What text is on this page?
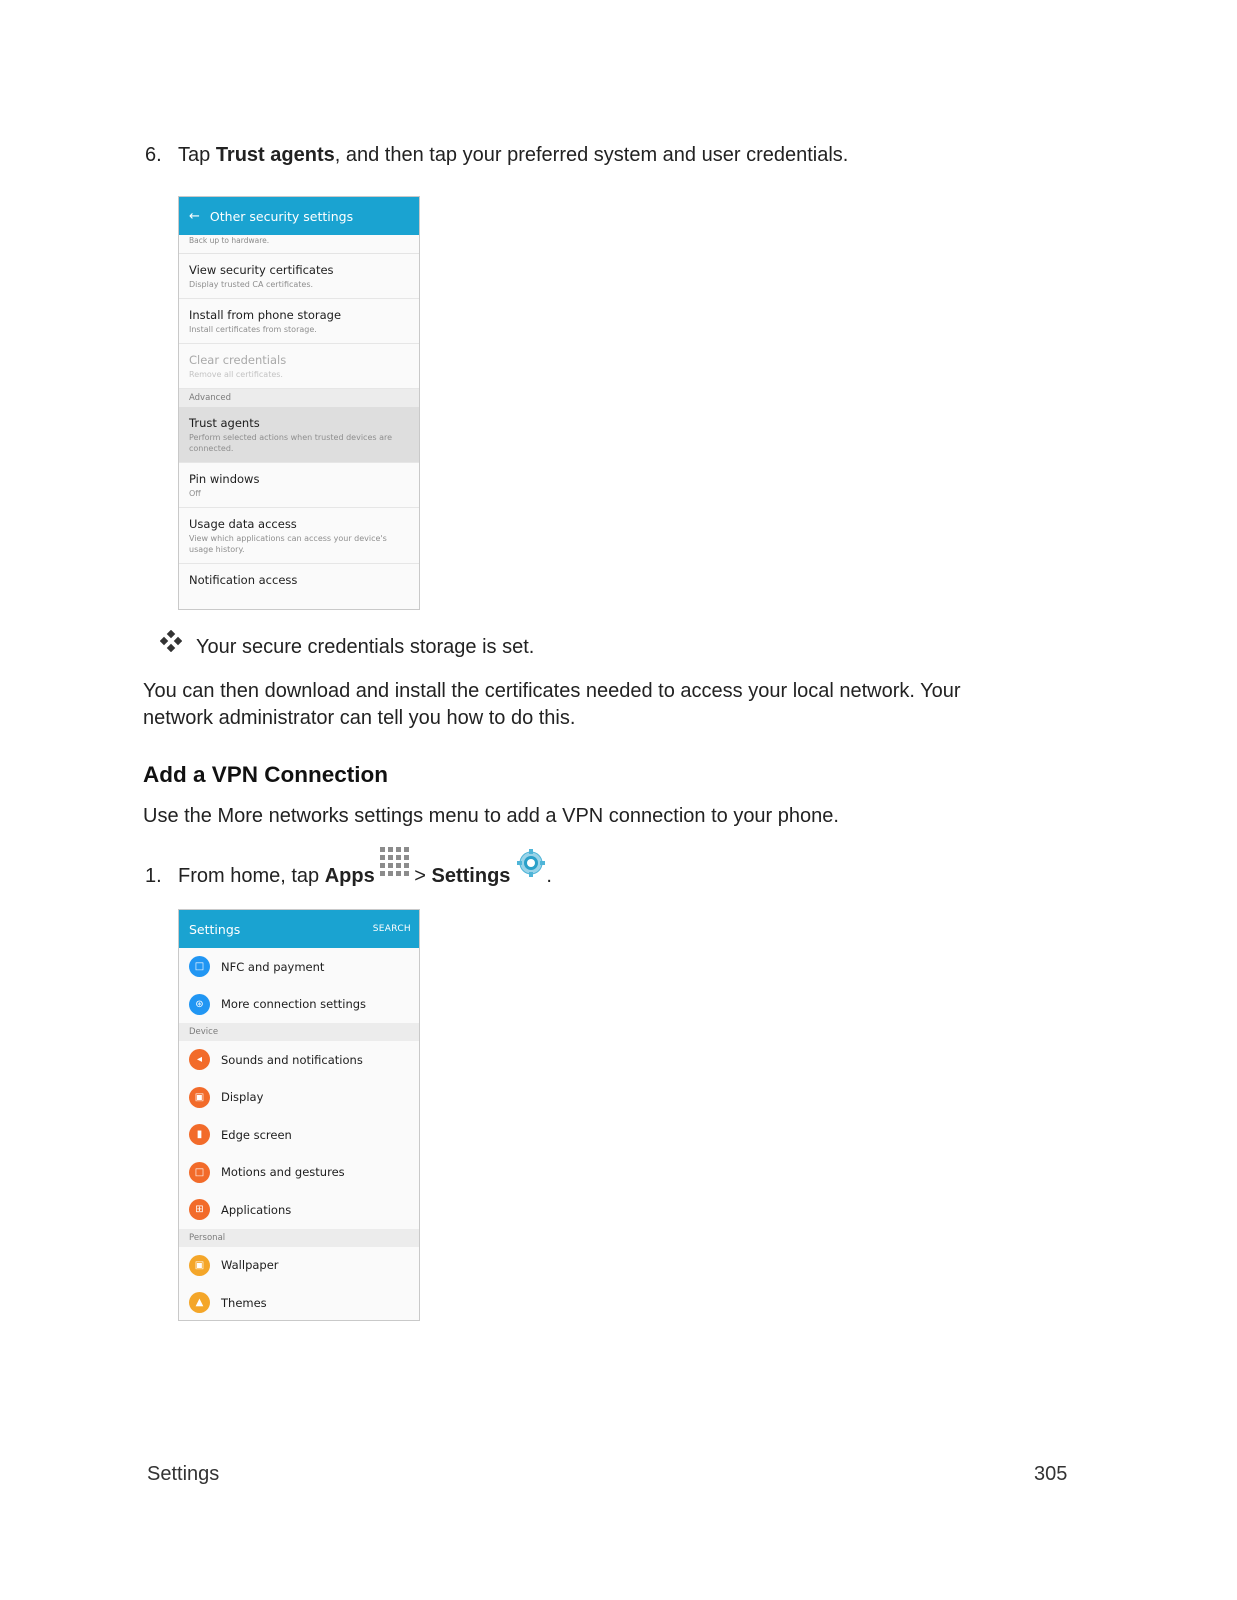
6. Tap Trust agents, and then tap your preferred system and user credentials.
← Other security settings
Back up to hardware.
View security certificates
Display trusted CA certificates.
Install from phone storage
Install certificates from storage.
Clear credentials
Remove all certificates.
Advanced
Trust agents
Perform selected actions when trusted devices are connected.
Pin windows
Off
Usage data access
View which applications can access your device's usage history.
Notification access
Your secure credentials storage is set.
You can then download and install the certificates needed to access your local network. Your network administrator can tell you how to do this.
Add a VPN Connection
Use the More networks settings menu to add a VPN connection to your phone.
1. From home, tap Apps > Settings .
Settings	SEARCH
□	NFC and payment
⊛	More connection settings
Device
◂	Sounds and notifications
▣	Display
▮	Edge screen
□	Motions and gestures
⊞	Applications
Personal
▣	Wallpaper
▲	Themes
Settings	305
